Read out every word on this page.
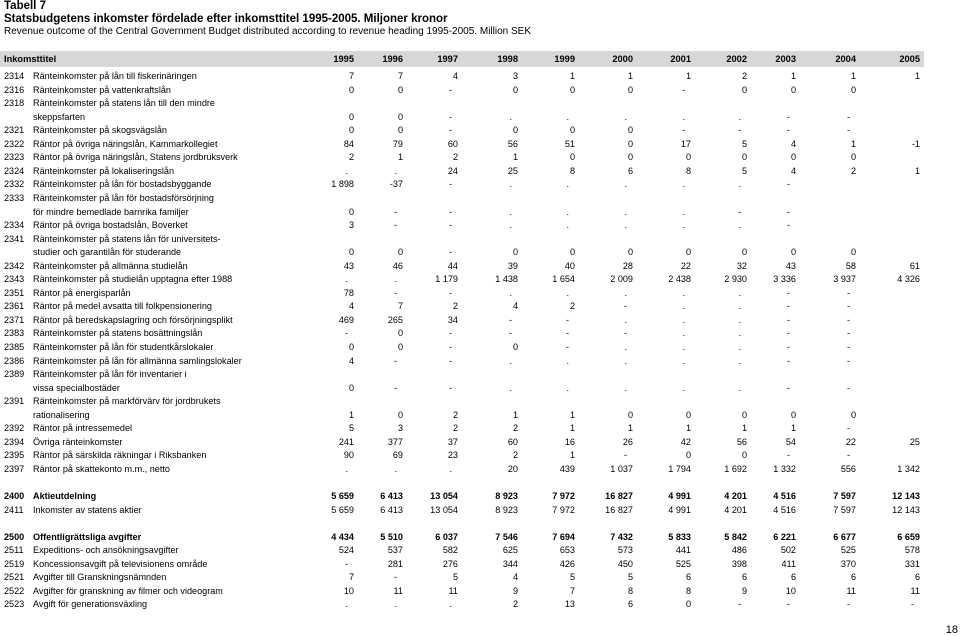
Tabell 7
Statsbudgetens inkomster fördelade efter inkomsttitel 1995-2005. Miljoner kronor
Revenue outcome of the Central Government Budget distributed according to revenue heading 1995-2005. Million SEK
Inkomsttitel	1995	1996	1997	1998	1999	2000	2001	2002	2003	2004	2005
2314 Ränteinkomster på lån till fiskerinäringen	7	7	4	3	1	1	1	2	1	1	1
2316 Ränteinkomster på vattenkraftslån	0	0	-	0	0	0	-	0	0	0
2318 Ränteinkomster på statens lån till den mindre
skeppsfarten	0	0	-	.	.	.	.	.	-	-
2321 Ränteinkomster på skogsvägslån	0	0	-	0	0	0	-	-	-	-
2322 Räntor på övriga näringslån, Kammarkollegiet	84	79	60	56	51	0	17	5	4	1	-1
2323 Räntor på övriga näringslån, Statens jordbruksverk	2	1	2	1	0	0	0	0	0	0
2324 Ränteinkomster på lokaliseringslån	.	.	24	25	8	6	8	5	4	2	1
2332 Ränteinkomster på lån för bostadsbyggande	1 898	-37	-	.	.	.	.	.	-
2333 Ränteinkomster på lån för bostadsförsörjning
för mindre bemedlade barnrika familjer	0	-	-	.	.	.	.	-	-
2334 Räntor på övriga bostadslån, Boverket	3	-	-	.	.	.	.	.	-
2341 Ränteinkomster på statens lån för universitets-
studier och garantilån för studerande	0	0	-	0	0	0	0	0	0	0
2342 Ränteinkomster på allmänna studielån	43	46	44	39	40	28	22	32	43	58	61
2343 Ränteinkomster på studielån upptagna efter 1988	.	.	1 179	1 438	1 654	2 009	2 438	2 930	3 336	3 937	4 326
2351 Räntor på energisparlån	78	-	-	.	.	.	.	.	-	-
2361 Räntor på medel avsatta till folkpensionering	4	7	2	4	2	-	.	.	-	-
2371 Räntor på beredskapslagring och försörjningsplikt	469	265	34	-	-	.	.	.	-	-
2383 Ränteinkomster på statens bosättningslån	-	0	-	-	-	-	.	.	-	-
2385 Ränteinkomster på lån för studentkårslokaler	0	0	-	0	-	.	.	.	-	-
2386 Ränteinkomster på lån för allmänna samlingslokaler	4	-	-	.	.	.	.	.	-	-
2389 Ränteinkomster på lån för inventarier i
vissa specialbostäder	0	-	-	.	.	.	.	.	-	-
2391 Ränteinkomster på markförvärv för jordbrukets
rationalisering	1	0	2	1	1	0	0	0	0	0
2392 Räntor på intressemedel	5	3	2	2	1	1	1	1	1	-
2394 Övriga ränteinkomster	241	377	37	60	16	26	42	56	54	22	25
2395 Räntor på särskilda räkningar i Riksbanken	90	69	23	2	1	-	0	0	-	-
2397 Räntor på skattekonto m.m., netto	.	.	.	20	439	1 037	1 794	1 692	1 332	556	1 342
2400 Aktieutdelning	5 659	6 413	13 054	8 923	7 972	16 827	4 991	4 201	4 516	7 597	12 143
2411 Inkomster av statens aktier	5 659	6 413	13 054	8 923	7 972	16 827	4 991	4 201	4 516	7 597	12 143
2500 Offentligrättsliga avgifter	4 434	5 510	6 037	7 546	7 694	7 432	5 833	5 842	6 221	6 677	6 659
2511 Expeditions- och ansökningsavgifter	524	537	582	625	653	573	441	486	502	525	578
2519 Koncessionsavgift på televisionens område	-	281	276	344	426	450	525	398	411	370	331
2521 Avgifter till Granskningsnämnden	7	-	5	4	5	5	6	6	6	6	6
2522 Avgifter för granskning av filmer och videogram	10	11	11	9	7	8	8	9	10	11	11
2523 Avgift för generationsväxling	.	.	.	2	13	6	0	-	-	-	-
18
